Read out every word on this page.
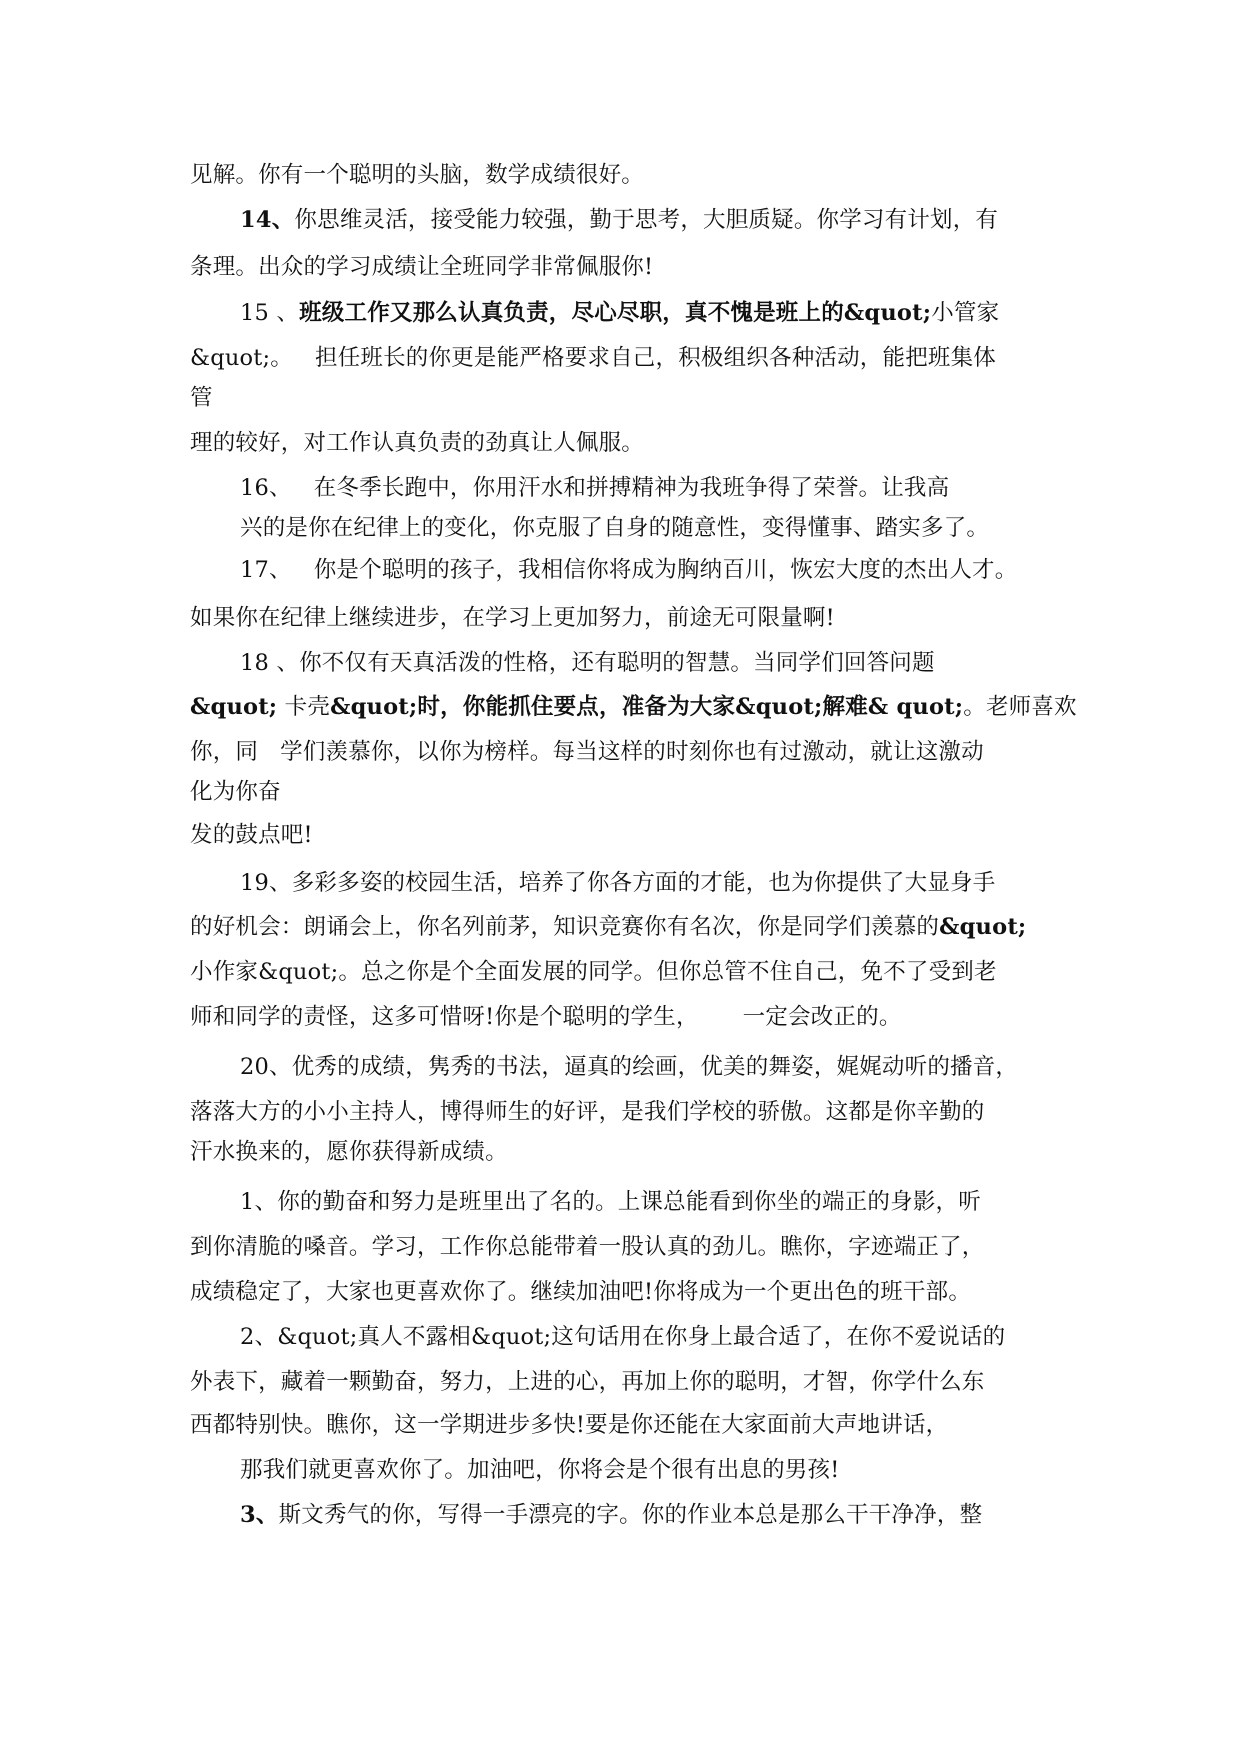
见解。你有一个聪明的头脑，数学成绩很好。
14、你思维灵活，接受能力较强，勤于思考，大胆质疑。你学习有计划，有
条理。出众的学习成绩让全班同学非常佩服你!
15 、班级工作又那么认真负责，尽心尽职，真不愧是班上的&quot;小管家
&quot;。 担任班长的你更是能严格要求自己，积极组织各种活动，能把班集体
管
理的较好，对工作认真负责的劲真让人佩服。
16、 在冬季长跑中，你用汗水和拼搏精神为我班争得了荣誉。让我高
兴的是你在纪律上的变化，你克服了自身的随意性，变得懂事、踏实多了。
17、 你是个聪明的孩子，我相信你将成为胸纳百川，恢宏大度的杰出人才。
如果你在纪律上继续进步，在学习上更加努力，前途无可限量啊!
18 、你不仅有天真活泼的性格，还有聪明的智慧。当同学们回答问题
&quot; 卡壳&quot;时，你能抓住要点，准备为大家&quot;解难& quot;。老师喜欢
你，同 学们羡慕你，以你为榜样。每当这样的时刻你也有过激动，就让这激动
化为你奋
发的鼓点吧!
19、多彩多姿的校园生活，培养了你各方面的才能，也为你提供了大显身手
的好机会：朗诵会上，你名列前茅，知识竞赛你有名次，你是同学们羡慕的&quot;
小作家&quot;。总之你是个全面发展的同学。但你总管不住自己，免不了受到老
师和同学的责怪，这多可惜呀!你是个聪明的学生， 一定会改正的。
20、优秀的成绩，隽秀的书法，逼真的绘画，优美的舞姿，娓娓动听的播音，
落落大方的小小主持人，博得师生的好评，是我们学校的骄傲。这都是你辛勤的
汗水换来的，愿你获得新成绩。
1、你的勤奋和努力是班里出了名的。上课总能看到你坐的端正的身影，听
到你清脆的嗓音。学习，工作你总能带着一股认真的劲儿。瞧你，字迹端正了，
成绩稳定了，大家也更喜欢你了。继续加油吧!你将成为一个更出色的班干部。
2、&quot;真人不露相&quot;这句话用在你身上最合适了，在你不爱说话的
外表下，藏着一颗勤奋，努力，上进的心，再加上你的聪明，才智，你学什么东
西都特别快。瞧你，这一学期进步多快!要是你还能在大家面前大声地讲话，
那我们就更喜欢你了。加油吧，你将会是个很有出息的男孩!
3、斯文秀气的你，写得一手漂亮的字。你的作业本总是那么干干净净，整
